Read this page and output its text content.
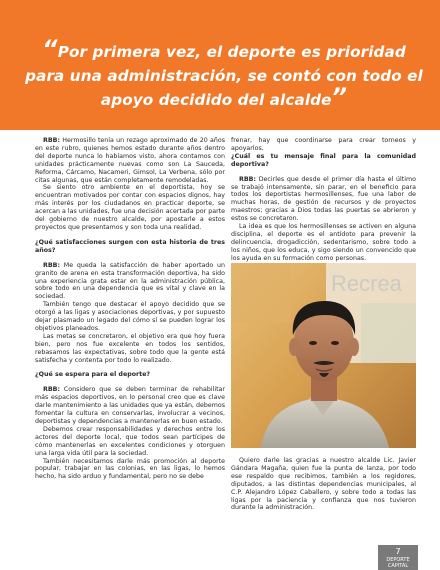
“Por primera vez, el deporte es prioridad
para una administración, se contó con todo el
apoyo decidido del alcalde”

RBB: Hermosillo tenía un rezago aproximado de 20 años en este rubro, quienes hemos estado durante años dentro del deporte nunca lo habíamos visto, ahora contamos con unidades prácticamente nuevas como son La Sauceda, Reforma, Cárcamo, Nacameri, Gimsol, La Verbena, sólo por citas algunas, que están completamente remodeladas.

Se siento otro ambiente en el deportista, hoy se encuentran motivados por contar con espacios dignos, hay más interés por los ciudadanos en practicar deporte, se acercan a las unidades, fue una decisión acertada por parte del gobierno de nuestro alcalde, por apostarle a estos proyectos que presentamos y son toda una realidad.

¿Qué satisfacciones surgen con esta historia de tres años?

RBB: Me queda la satisfacción de haber aportado un granito de arena en esta transformación deportiva, ha sido una experiencia grata estar en la administración pública, sobre todo en una dependencia que es vital y clave en la sociedad.

También tengo que destacar el apoyo decidido que se otorgó a las ligas y asociaciones deportivas, y por supuesto dejar plasmado un legado del cómo sí se pueden lograr los objetivos planeados.

Las metas se concretaron, el objetivo era que hoy fuera bien, pero nos fue excelente en todos los sentidos, rebasamos las expectativas, sobre todo que la gente está satisfecha y contenta por todo lo realizado.

¿Qué se espera para el deporte?

RBB: Considero que se deben terminar de rehabilitar más espacios deportivos, en lo personal creo que es clave darle mantenimiento a las unidades que ya están, debemos fomentar la cultura en conservarlas, involucrar a vecinos, deportistas y dependencias a mantenerlas en buen estado.

Debemos crear responsabilidades y derechos entre los actores del deporte local, que todos sean partícipes de cómo mantenerlas en excelentes condiciones y otorguen una larga vida útil para la sociedad.

También necesitamos darle más promoción al deporte popular, trabajar en las colonias, en las ligas, lo hemos hecho, ha sido arduo y fundamental, pero no se debe

frenar, hay que coordinarse para crear torneos y apoyarlos.

¿Cuál es tu mensaje final para la comunidad deportiva?

RBB: Decirles que desde el primer día hasta el último se trabajó intensamente, sin parar, en el beneficio para todos los deportistas hermosillenses, fue una labor de muchas horas, de gestión de recursos y de proyectos maestros; gracias a Dios todas las puertas se abrieron y estos se concretaron.

La idea es que los hermosillenses se activen en alguna disciplina, el deporte es el antídoto para prevenir la delincuencia, drogadicción, sedentarismo, sobre todo a los niños, que los educa, y sigo siendo un convencido que los ayuda en su formación como personas.

Recrea

Quiero darle las gracias a nuestro alcalde Lic. Javier Gándara Magaña, quien fue la punta de lanza, por todo ese respaldo que recibimos, también a los regidores, diputados, a las distintas dependencias municipales, al C.P. Alejandro López Caballero, y sobre todo a todas las ligas por la paciencia y confianza que nos tuvieron durante la administración.

7
DEPORTE
CAPITAL
